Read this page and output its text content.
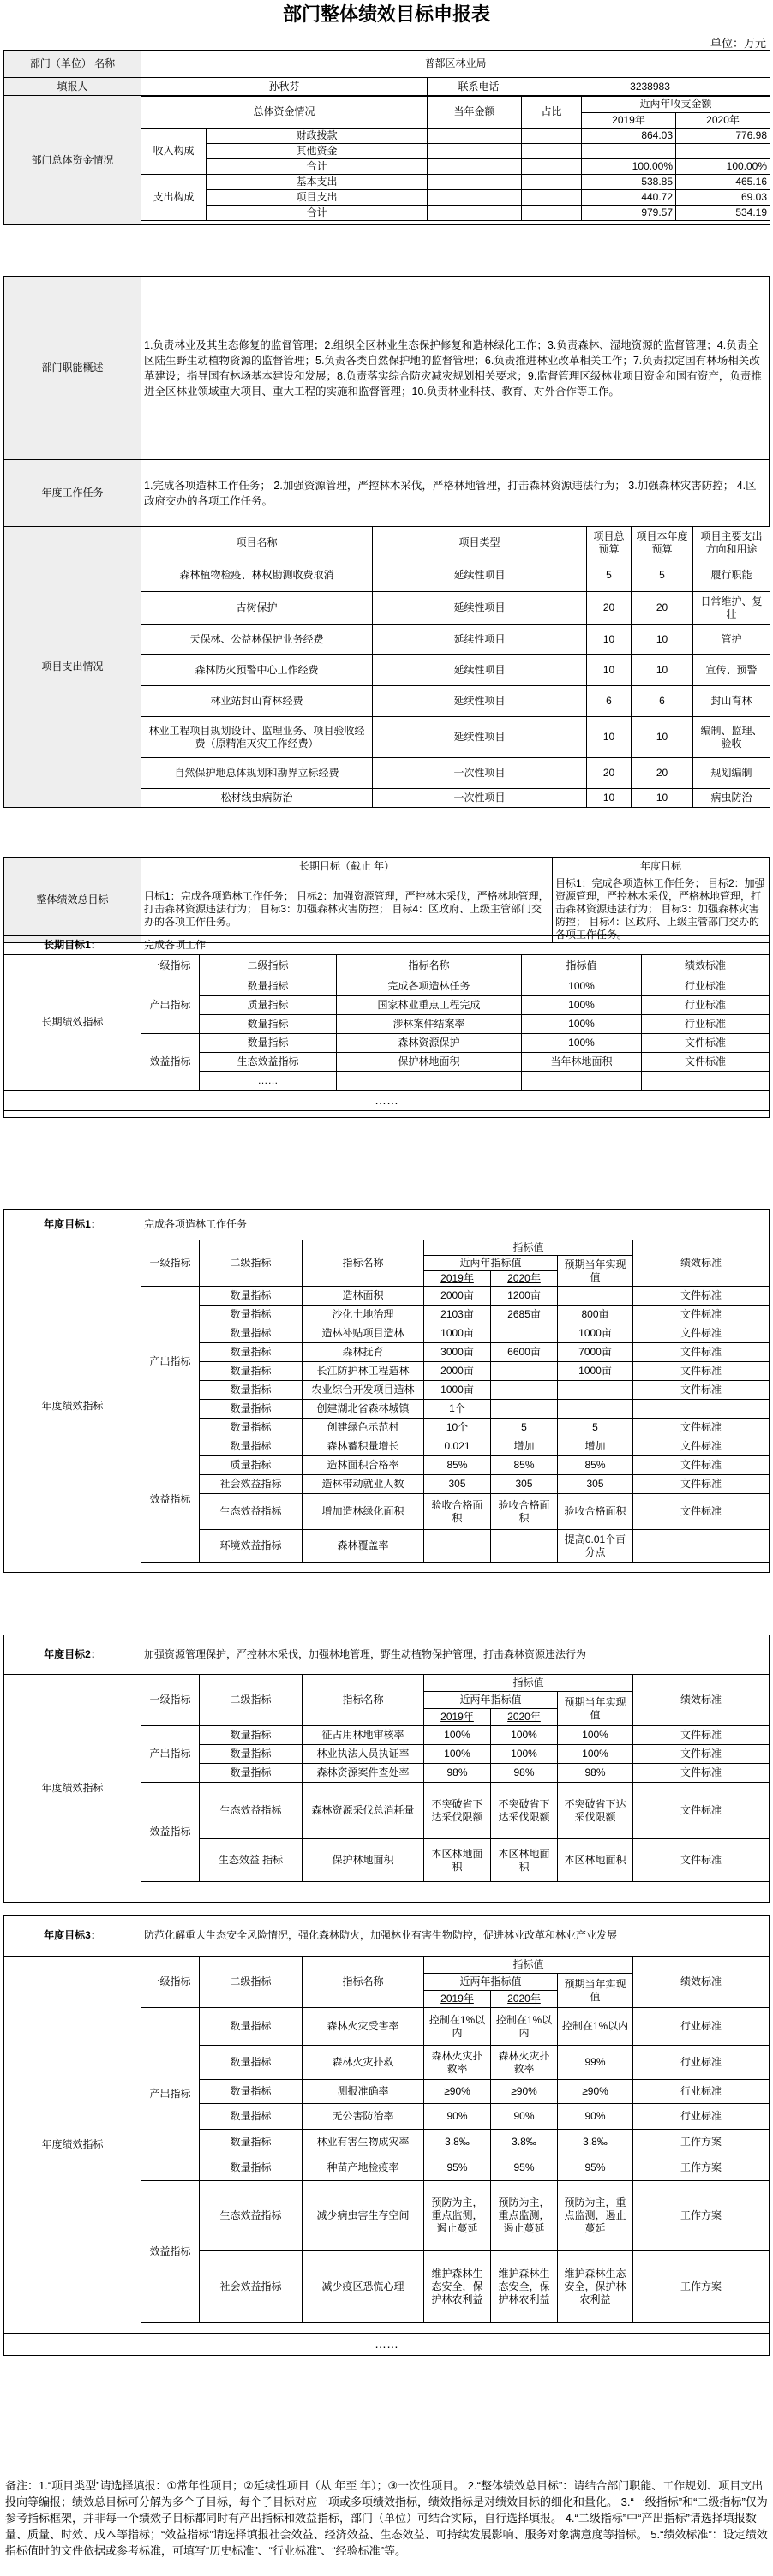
部门整体绩效目标申报表
单位：万元
部门（单位） 名称	普都区林业局		
填报人	孙秋芬	联系电话	3238983
部门总体资金情况	总体资金情况		当年金额	占比	近两年收支金额	
					2019年	2020年
	收入构成	财政拨款			864.03	776.98
		其他资金				
		合计			100.00%	100.00%
	支出构成	基本支出			538.85	465.16
		项目支出			440.72	69.03
		合计			979.57	534.19

部门职能概述	1.负责林业及其生态修复的监督管理；2.组织全区林业生态保护修复和造林绿化工作；3.负责森林、湿地资源的监督管理；4.负责全区陆生野生动植物资源的监督管理；5.负责各类自然保护地的监督管理；6.负责推进林业改革相关工作；7.负责拟定国有林场相关改革建设；指导国有林场基本建设和发展；8.负责落实综合防灾减灾规划相关要求；9.监督管理区级林业项目资金和国有资产，负责推进全区林业领域重大项目、重大工程的实施和监督管理；10.负责林业科技、教育、对外合作等工作。
年度工作任务	1.完成各项造林工作任务； 2.加强资源管理，严控林木采伐，严格林地管理，打击森林资源违法行为； 3.加强森林灾害防控； 4.区政府交办的各项工作任务。
项目支出情况	项目名称	项目类型	项目总预算	项目本年度预算	项目主要支出方向和用途
	森林植物检疫、林权勘测收费取消	延续性项目	5	5	履行职能
	古树保护	延续性项目	20	20	日常维护、复壮
	天保林、公益林保护业务经费	延续性项目	10	10	管护
	森林防火预警中心工作经费	延续性项目	10	10	宣传、预警
	林业站封山育林经费	延续性项目	6	6	封山育林
	林业工程项目规划设计、监理业务、项目验收经费（原精准灭灾工作经费）	延续性项目	10	10	编制、监理、验收
	自然保护地总体规划和勘界立标经费	一次性项目	20	20	规划编制
	松材线虫病防治	一次性项目	10	10	病虫防治
整体绩效总目标	长期目标（截止 年）	年度目标
	目标1：完成各项造林工作任务； 目标2：加强资源管理，严控林木采伐，严格林地管理，打击森林资源违法行为； 目标3：加强森林灾害防控； 目标4：区政府、上级主管部门交办的各项工作任务。	目标1：完成各项造林工作任务； 目标2：加强资源管理，严控林木采伐，严格林地管理，打击森林资源违法行为； 目标3：加强森林灾害防控； 目标4：区政府、上级主管部门交办的各项工作任务。
长期目标1：	完成各项工作				
长期绩效指标	一级指标	二级指标	指标名称	指标值	绩效标准
	产出指标	数量指标	完成各项造林任务	100%	行业标准
		质量指标	国家林业重点工程完成	100%	行业标准
		数量指标	涉林案件结案率	100%	行业标准
	效益指标	数量指标	森林资源保护	100%	文件标准
		生态效益指标	保护林地面积	当年林地面积	文件标准
		……			
……					

年度目标1：	完成各项造林工作任务						
年度绩效指标	一级指标	二级指标	指标名称	指标值			绩效标准
				近两年指标值		预期当年实现值	
				2019年	2020年		
	产出指标	数量指标	造林面积	2000亩	1200亩		文件标准
		数量指标	沙化土地治理	2103亩	2685亩	800亩	文件标准
		数量指标	造林补贴项目造林	1000亩		1000亩	文件标准
		数量指标	森林抚育	3000亩	6600亩	7000亩	文件标准
		数量指标	长江防护林工程造林	2000亩		1000亩	文件标准
		数量指标	农业综合开发项目造林	1000亩			文件标准
		数量指标	创建湖北省森林城镇	1个			
		数量指标	创建绿色示范村	10个	5	5	文件标准
	效益指标	数量指标	森林蓄积量增长	0.021	增加	增加	文件标准
		质量指标	造林面积合格率	85%	85%	85%	文件标准
		社会效益指标	造林带动就业人数	305	305	305	文件标准
		生态效益指标	增加造林绿化面积	验收合格面积	验收合格面积	验收合格面积	文件标准
		环境效益指标	森林覆盖率			提高0.01个百分点	

年度目标2：	加强资源管理保护，严控林木采伐，加强林地管理，野生动植物保护管理，打击森林资源违法行为						
年度绩效指标	一级指标	二级指标	指标名称	指标值			绩效标准
				近两年指标值		预期当年实现值	
				2019年	2020年		
	产出指标	数量指标	征占用林地审核率	100%	100%	100%	文件标准
		数量指标	林业执法人员执证率	100%	100%	100%	文件标准
		数量指标	森林资源案件查处率	98%	98%	98%	文件标准
	效益指标	生态效益指标	森林资源采伐总消耗量	不突破省下达采伐限额	不突破省下达采伐限额	不突破省下达采伐限额	文件标准
		生态效益 指标	保护林地面积	本区林地面积	本区林地面积	本区林地面积	文件标准

年度目标3：	防范化解重大生态安全风险情况，强化森林防火，加强林业有害生物防控，促进林业改革和林业产业发展						
年度绩效指标	一级指标	二级指标	指标名称	指标值			绩效标准
				近两年指标值		预期当年实现值	
				2019年	2020年		
	产出指标	数量指标	森林火灾受害率	控制在1%以内	控制在1%以内	控制在1%以内	行业标准
		数量指标	森林火灾扑救	森林火灾扑救率	森林火灾扑救率	99%	行业标准
		数量指标	测报准确率	≥90%	≥90%	≥90%	行业标准
		数量指标	无公害防治率	90%	90%	90%	行业标准
		数量指标	林业有害生物成灾率	3.8‰	3.8‰	3.8‰	工作方案
		数量指标	种苗产地检疫率	95%	95%	95%	工作方案
	效益指标	生态效益指标	减少病虫害生存空间	预防为主，重点监测，遏止蔓延	预防为主，重点监测，遏止蔓延	预防为主，重点监测，遏止蔓延	工作方案
		社会效益指标	减少疫区恐慌心理	维护森林生态安全，保护林农利益	维护森林生态安全，保护林农利益	维护森林生态安全，保护林农利益	工作方案

……							
备注：1.“项目类型”请选择填报：①常年性项目；②延续性项目（从 年至 年）；③一次性项目。 2.“整体绩效总目标”：请结合部门职能、工作规划、项目支出投向等编报；绩效总目标可分解为多个子目标，每个子目标对应一项或多项绩效指标，绩效指标是对绩效目标的细化和量化。 3.“一级指标”和“二级指标”仅为参考指标框架，并非每一个绩效子目标都同时有产出指标和效益指标，部门（单位）可结合实际，自行选择填报。 4.“二级指标”中“产出指标”请选择填报数量、质量、时效、成本等指标；“效益指标”请选择填报社会效益、经济效益、生态效益、可持续发展影响、服务对象满意度等指标。 5.“绩效标准”：设定绩效指标值时的文件依据或参考标准，可填写“历史标准”、“行业标准”、“经验标准”等。
